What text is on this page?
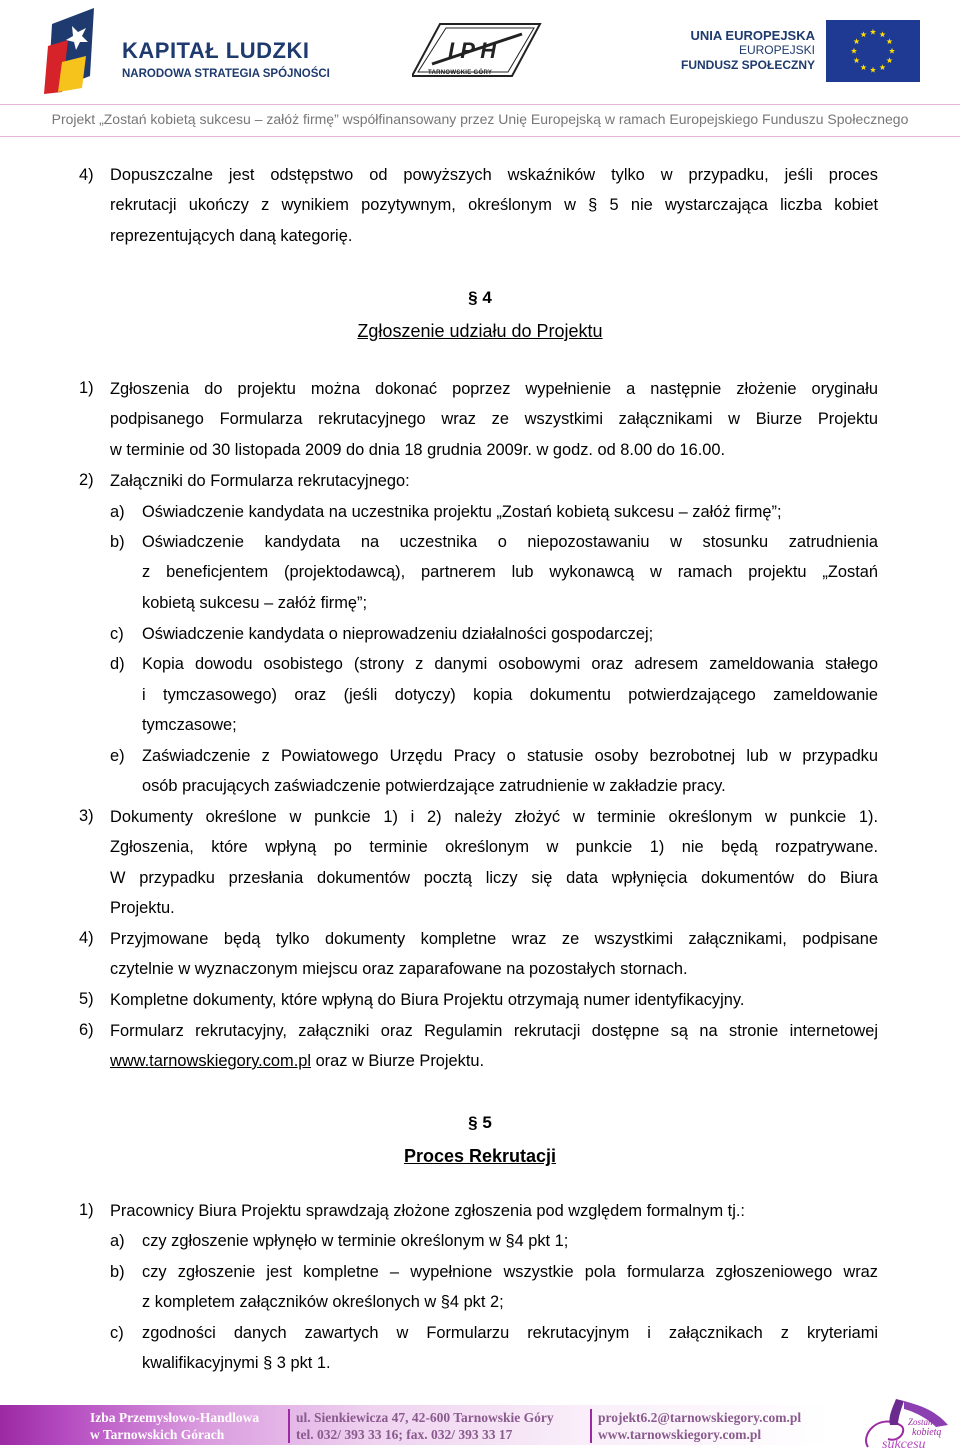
KAPITAŁ LUDZKI
NARODOWA STRATEGIA SPÓJNOŚCI
I P H
TARNOWSKIE GÓRY
UNIA EUROPEJSKA
EUROPEJSKI
FUNDUSZ SPOŁECZNY
Projekt „Zostań kobietą sukcesu – załóż firmę” współfinansowany przez Unię Europejską w ramach Europejskiego Funduszu Społecznego
4) Dopuszczalne jest odstępstwo od powyższych wskaźników tylko w przypadku, jeśli proces
rekrutacji ukończy z wynikiem pozytywnym, określonym w § 5 nie wystarczająca liczba kobiet
reprezentujących daną kategorię.
§ 4
Zgłoszenie udziału do Projektu
1) Zgłoszenia do projektu można dokonać poprzez wypełnienie a następnie złożenie oryginału
podpisanego Formularza rekrutacyjnego wraz ze wszystkimi załącznikami w Biurze Projektu
w terminie od 30 listopada 2009 do dnia 18 grudnia 2009r. w godz. od 8.00 do 16.00.
2) Załączniki do Formularza rekrutacyjnego:
a) Oświadczenie kandydata na uczestnika projektu „Zostań kobietą sukcesu – załóż firmę”;
b) Oświadczenie kandydata na uczestnika o niepozostawaniu w stosunku zatrudnienia
z beneficjentem (projektodawcą), partnerem lub wykonawcą w ramach projektu „Zostań
kobietą sukcesu – załóż firmę”;
c) Oświadczenie kandydata o nieprowadzeniu działalności gospodarczej;
d) Kopia dowodu osobistego (strony z danymi osobowymi oraz adresem zameldowania stałego
i tymczasowego) oraz (jeśli dotyczy) kopia dokumentu potwierdzającego zameldowanie
tymczasowe;
e) Zaświadczenie z Powiatowego Urzędu Pracy o statusie osoby bezrobotnej lub w przypadku
osób pracujących zaświadczenie potwierdzające zatrudnienie w zakładzie pracy.
3) Dokumenty określone w punkcie 1) i 2) należy złożyć w terminie określonym w punkcie 1).
Zgłoszenia, które wpłyną po terminie określonym w punkcie 1) nie będą rozpatrywane.
W przypadku przesłania dokumentów pocztą liczy się data wpłynięcia dokumentów do Biura
Projektu.
4) Przyjmowane będą tylko dokumenty kompletne wraz ze wszystkimi załącznikami, podpisane
czytelnie w wyznaczonym miejscu oraz zaparafowane na pozostałych stornach.
5) Kompletne dokumenty, które wpłyną do Biura Projektu otrzymają numer identyfikacyjny.
6) Formularz rekrutacyjny, załączniki oraz Regulamin rekrutacji dostępne są na stronie internetowej
www.tarnowskiegory.com.pl oraz w Biurze Projektu.
§ 5
Proces Rekrutacji
1) Pracownicy Biura Projektu sprawdzają złożone zgłoszenia pod względem formalnym tj.:
a) czy zgłoszenie wpłynęło w terminie określonym w §4 pkt 1;
b) czy zgłoszenie jest kompletne – wypełnione wszystkie pola formularza zgłoszeniowego wraz
z kompletem załączników określonych w §4 pkt 2;
c) zgodności danych zawartych w Formularzu rekrutacyjnym i załącznikach z kryteriami
kwalifikacyjnymi § 3 pkt 1.
Izba Przemysłowo-Handlowa
w Tarnowskich Górach
ul. Sienkiewicza 47, 42-600 Tarnowskie Góry
tel. 032/ 393 33 16; fax. 032/ 393 33 17
projekt6.2@tarnowskiegory.com.pl
www.tarnowskiegory.com.pl
Zostań
kobietą
sukcesu
